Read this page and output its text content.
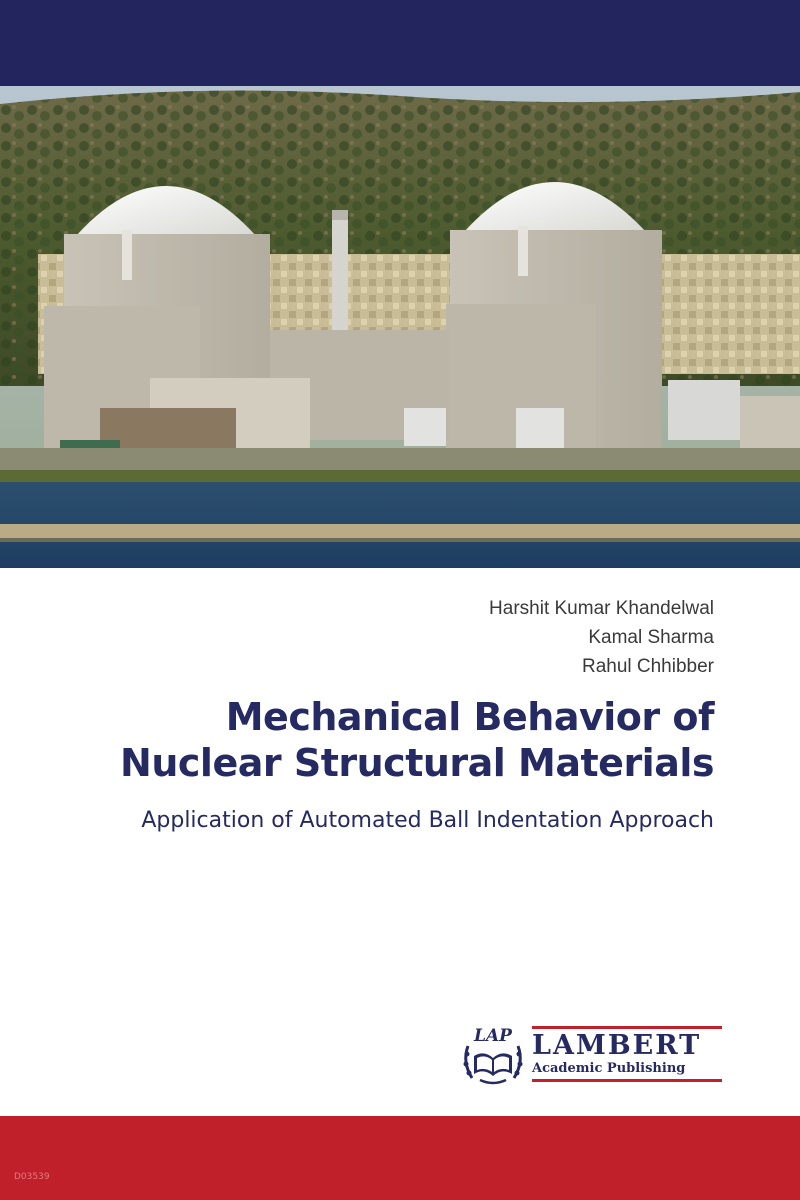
Harshit Kumar Khandelwal
Kamal Sharma
Rahul Chhibber
Mechanical Behavior of
Nuclear Structural Materials
Application of Automated Ball Indentation Approach
LAP LAMBERT
Academic Publishing
D03539
